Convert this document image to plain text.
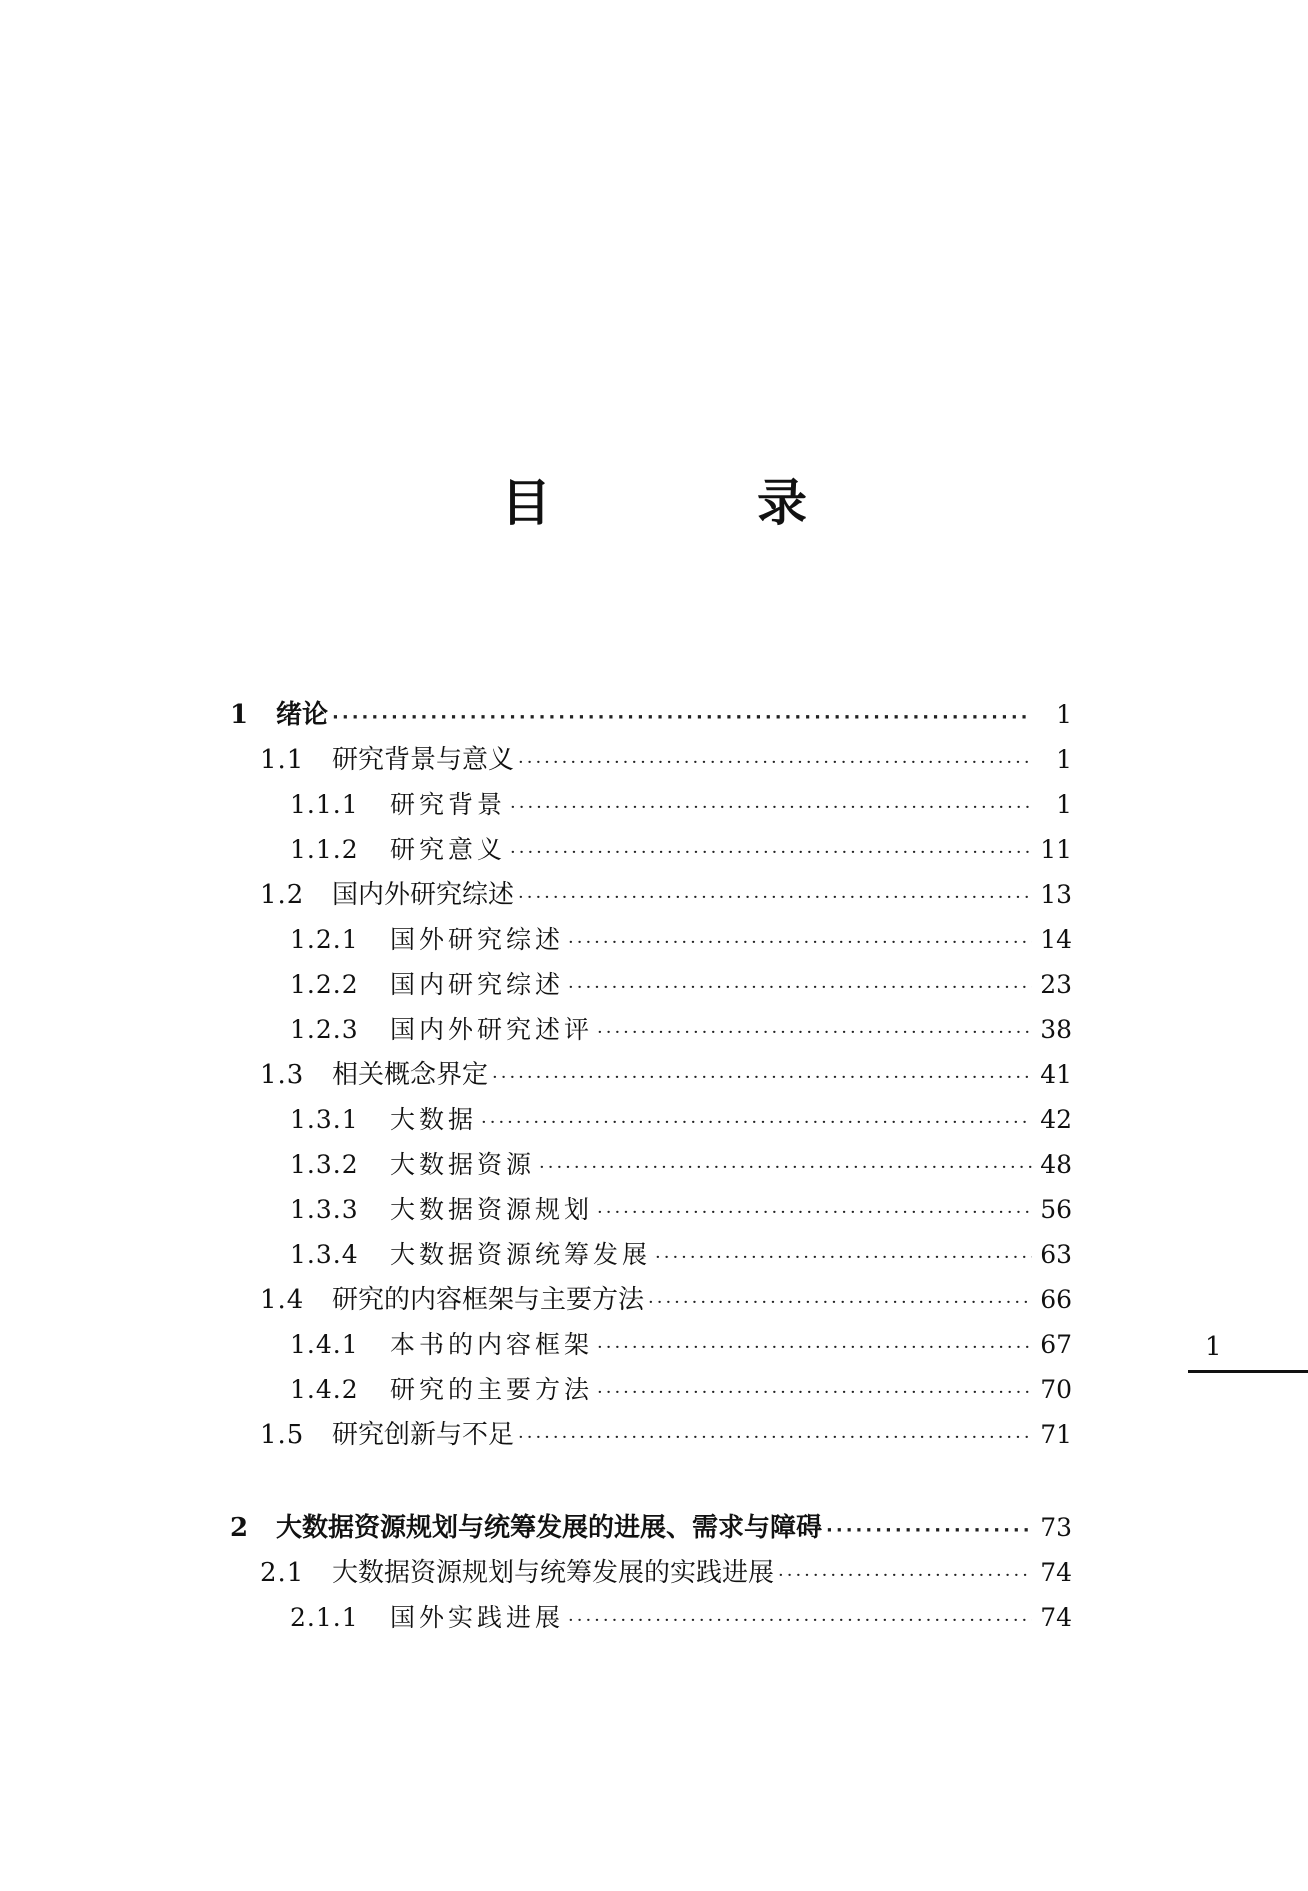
目　录
1	绪论 ·····	1
1.1	研究背景与意义 ·····	1
1.1.1	研究背景 ·····	1
1.1.2	研究意义 ·····	11
1.2	国内外研究综述 ·····	13
1.2.1	国外研究综述 ·····	14
1.2.2	国内研究综述 ·····	23
1.2.3	国内外研究述评 ·····	38
1.3	相关概念界定 ·····	41
1.3.1	大数据 ·····	42
1.3.2	大数据资源 ·····	48
1.3.3	大数据资源规划 ·····	56
1.3.4	大数据资源统筹发展 ·····	63
1.4	研究的内容框架与主要方法 ·····	66
1.4.1	本书的内容框架 ·····	67
1.4.2	研究的主要方法 ·····	70
1.5	研究创新与不足 ·····	71
2	大数据资源规划与统筹发展的进展、需求与障碍 ·····	73
2.1	大数据资源规划与统筹发展的实践进展 ·····	74
2.1.1	国外实践进展 ·····	74
1
